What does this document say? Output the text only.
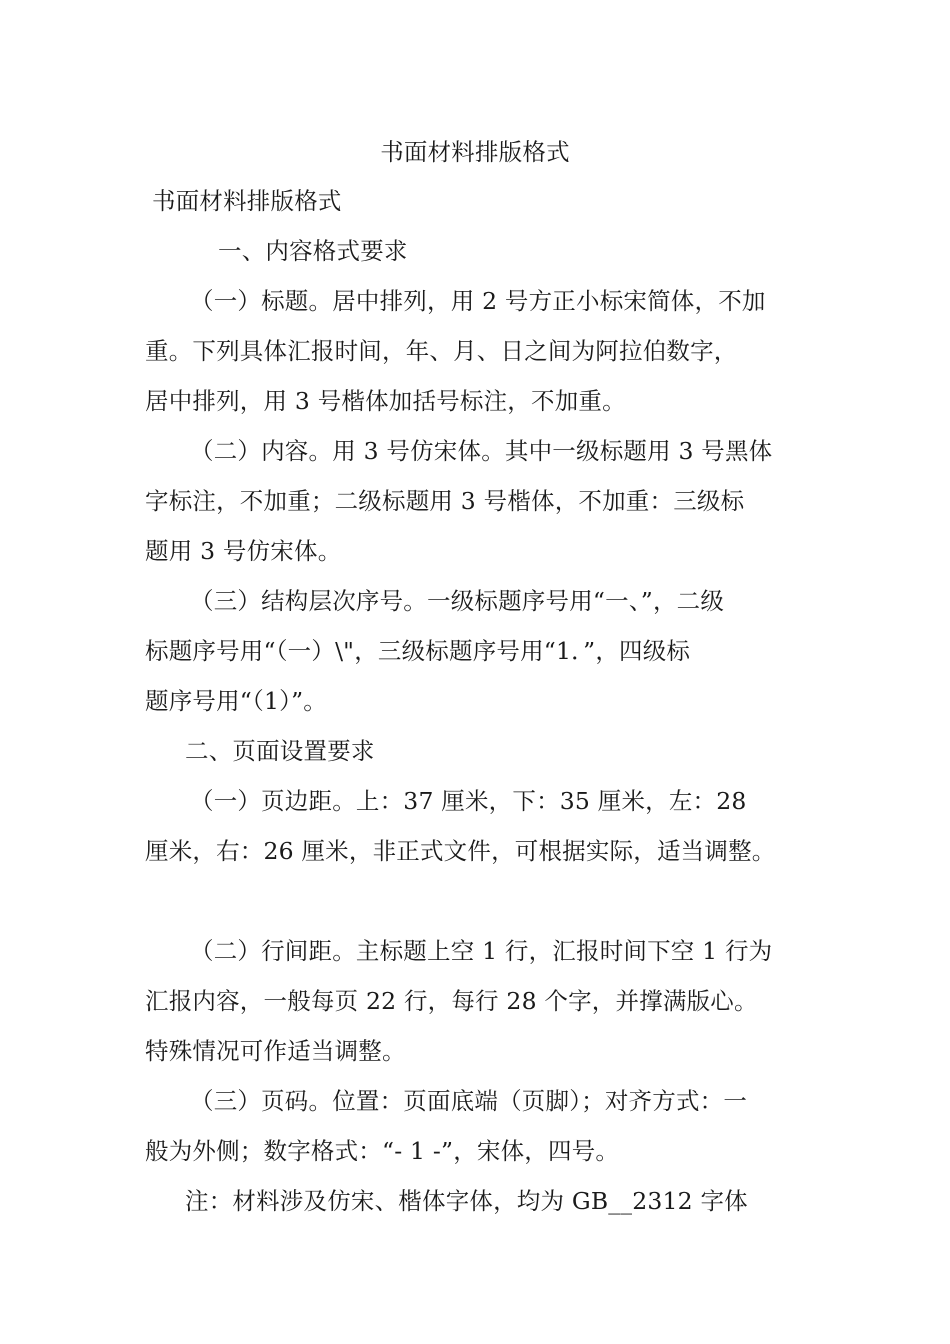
书面材料排版格式
书面材料排版格式
一、内容格式要求
（一）标题。居中排列，用 2 号方正小标宋简体，不加
重。下列具体汇报时间，年、月、日之间为阿拉伯数字，
居中排列，用 3 号楷体加括号标注，不加重。
（二）内容。用 3 号仿宋体。其中一级标题用 3 号黑体
字标注，不加重；二级标题用 3 号楷体，不加重：三级标
题用 3 号仿宋体。
（三）结构层次序号。一级标题序号用“一、”，二级
标题序号用“（一）\"，三级标题序号用“1．”，四级标
题序号用“（1）”。
二、页面设置要求
（一）页边距。上：37 厘米，下：35 厘米，左：28
厘米，右：26 厘米，非正式文件，可根据实际，适当调整。
（二）行间距。主标题上空 1 行，汇报时间下空 1 行为
汇报内容，一般每页 22 行，每行 28 个字，并撑满版心。
特殊情况可作适当调整。
（三）页码。位置：页面底端（页脚）；对齐方式：一
般为外侧；数字格式：“- 1 -”，宋体，四号。
注：材料涉及仿宋、楷体字体，均为 GB__2312 字体
